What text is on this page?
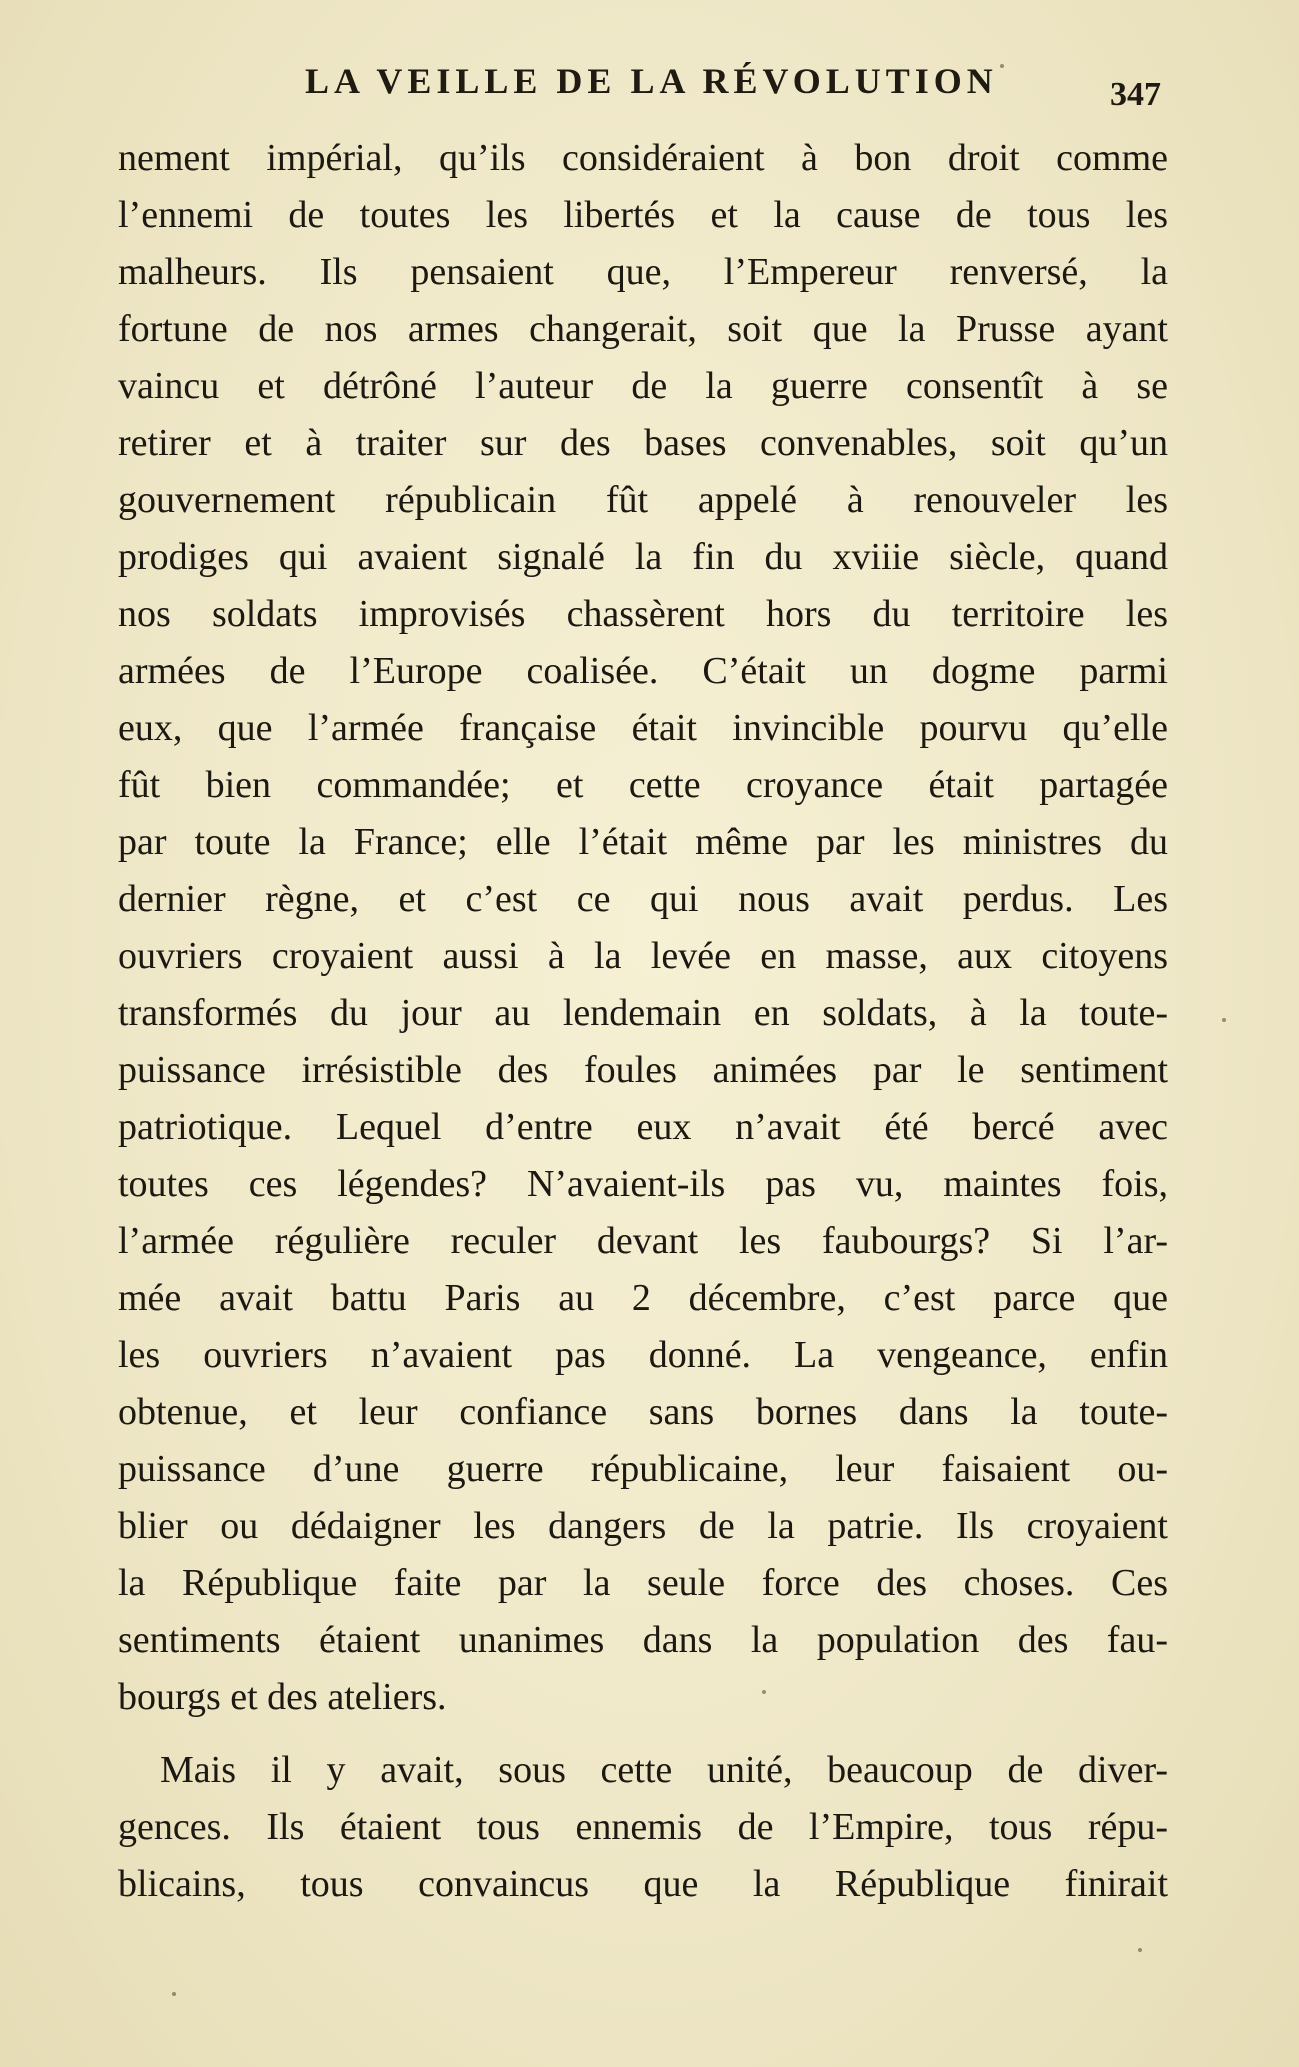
LA VEILLE DE LA RÉVOLUTION	347
nement impérial, qu’ils considéraient à bon droit comme
l’ennemi de toutes les libertés et la cause de tous les
malheurs. Ils pensaient que, l’Empereur renversé, la
fortune de nos armes changerait, soit que la Prusse ayant
vaincu et détrôné l’auteur de la guerre consentît à se
retirer et à traiter sur des bases convenables, soit qu’un
gouvernement républicain fût appelé à renouveler les
prodiges qui avaient signalé la fin du xviiie siècle, quand
nos soldats improvisés chassèrent hors du territoire les
armées de l’Europe coalisée. C’était un dogme parmi
eux, que l’armée française était invincible pourvu qu’elle
fût bien commandée; et cette croyance était partagée
par toute la France; elle l’était même par les ministres du
dernier règne, et c’est ce qui nous avait perdus. Les
ouvriers croyaient aussi à la levée en masse, aux citoyens
transformés du jour au lendemain en soldats, à la toute-
puissance irrésistible des foules animées par le sentiment
patriotique. Lequel d’entre eux n’avait été bercé avec
toutes ces légendes? N’avaient-ils pas vu, maintes fois,
l’armée régulière reculer devant les faubourgs? Si l’ar-
mée avait battu Paris au 2 décembre, c’est parce que
les ouvriers n’avaient pas donné. La vengeance, enfin
obtenue, et leur confiance sans bornes dans la toute-
puissance d’une guerre républicaine, leur faisaient ou-
blier ou dédaigner les dangers de la patrie. Ils croyaient
la République faite par la seule force des choses. Ces
sentiments étaient unanimes dans la population des fau-
bourgs et des ateliers.
Mais il y avait, sous cette unité, beaucoup de diver-
gences. Ils étaient tous ennemis de l’Empire, tous répu-
blicains, tous convaincus que la République finirait
